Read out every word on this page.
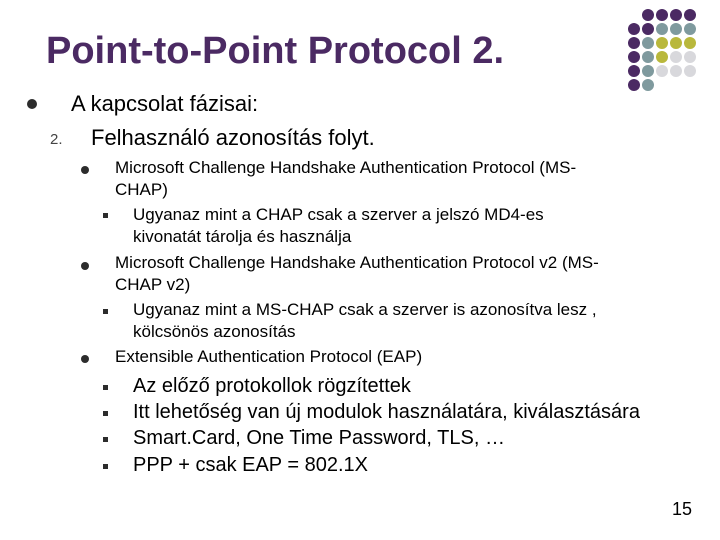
Point-to-Point Protocol 2.
A kapcsolat fázisai:
2. Felhasználó azonosítás folyt.
Microsoft Challenge Handshake Authentication Protocol (MS-
CHAP)
Ugyanaz mint a CHAP csak a szerver a jelszó MD4-es
kivonatát tárolja és használja
Microsoft Challenge Handshake Authentication Protocol v2 (MS-
CHAP v2)
Ugyanaz mint a MS-CHAP csak a szerver is azonosítva lesz ,
kölcsönös azonosítás
Extensible Authentication Protocol (EAP)
Az előző protokollok rögzítettek
Itt lehetőség van új modulok használatára, kiválasztására
Smart.Card, One Time Password, TLS, …
PPP + csak EAP = 802.1X
15
